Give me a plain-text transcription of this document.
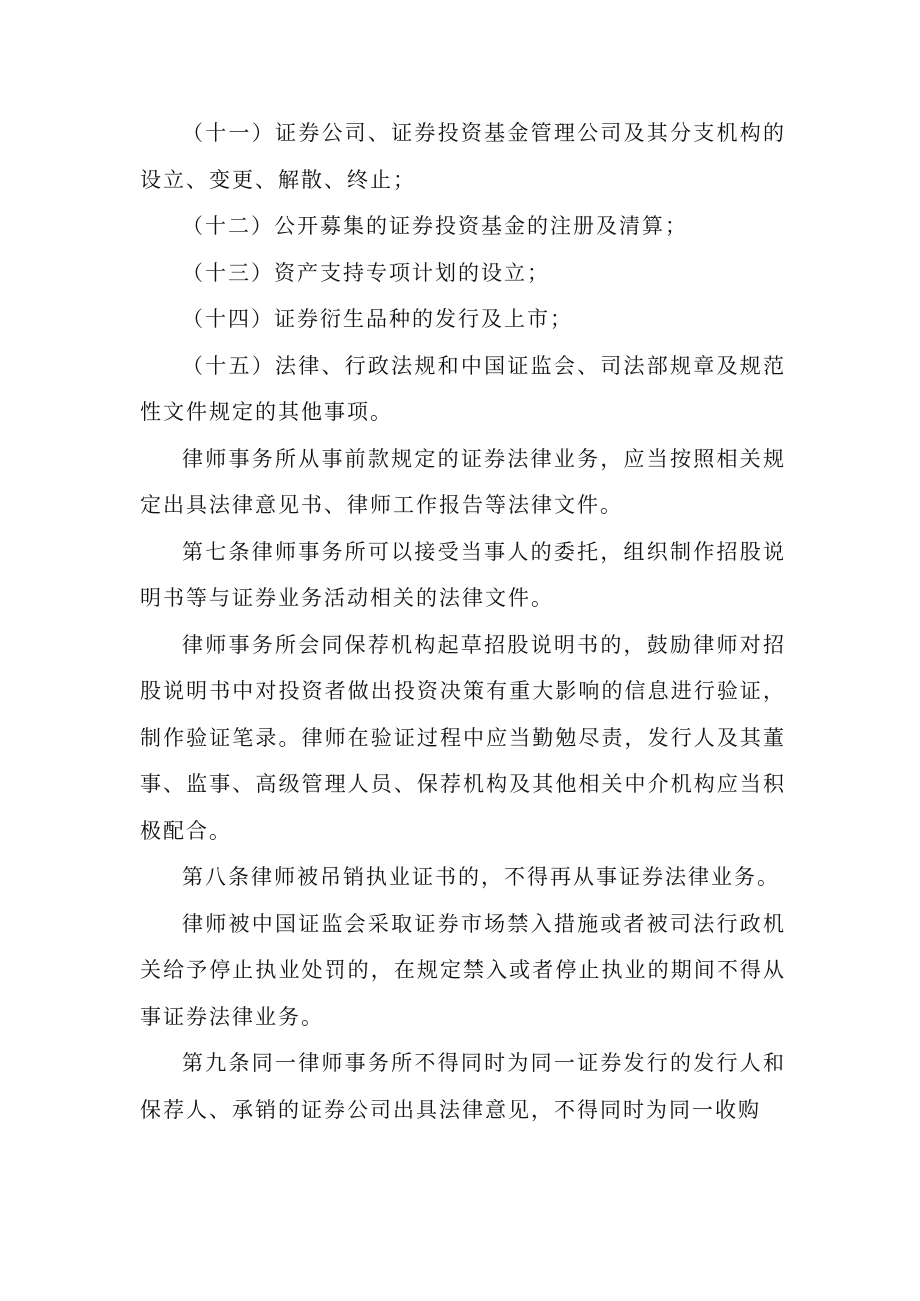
（十一）证券公司、证券投资基金管理公司及其分支机构的设立、变更、解散、终止；

（十二）公开募集的证券投资基金的注册及清算；

（十三）资产支持专项计划的设立；

（十四）证券衍生品种的发行及上市；

（十五）法律、行政法规和中国证监会、司法部规章及规范性文件规定的其他事项。

律师事务所从事前款规定的证券法律业务，应当按照相关规定出具法律意见书、律师工作报告等法律文件。

第七条律师事务所可以接受当事人的委托，组织制作招股说明书等与证券业务活动相关的法律文件。

律师事务所会同保荐机构起草招股说明书的，鼓励律师对招股说明书中对投资者做出投资决策有重大影响的信息进行验证，制作验证笔录。律师在验证过程中应当勤勉尽责，发行人及其董事、监事、高级管理人员、保荐机构及其他相关中介机构应当积极配合。

第八条律师被吊销执业证书的，不得再从事证券法律业务。

律师被中国证监会采取证券市场禁入措施或者被司法行政机关给予停止执业处罚的，在规定禁入或者停止执业的期间不得从事证券法律业务。

第九条同一律师事务所不得同时为同一证券发行的发行人和保荐人、承销的证券公司出具法律意见，不得同时为同一收购
